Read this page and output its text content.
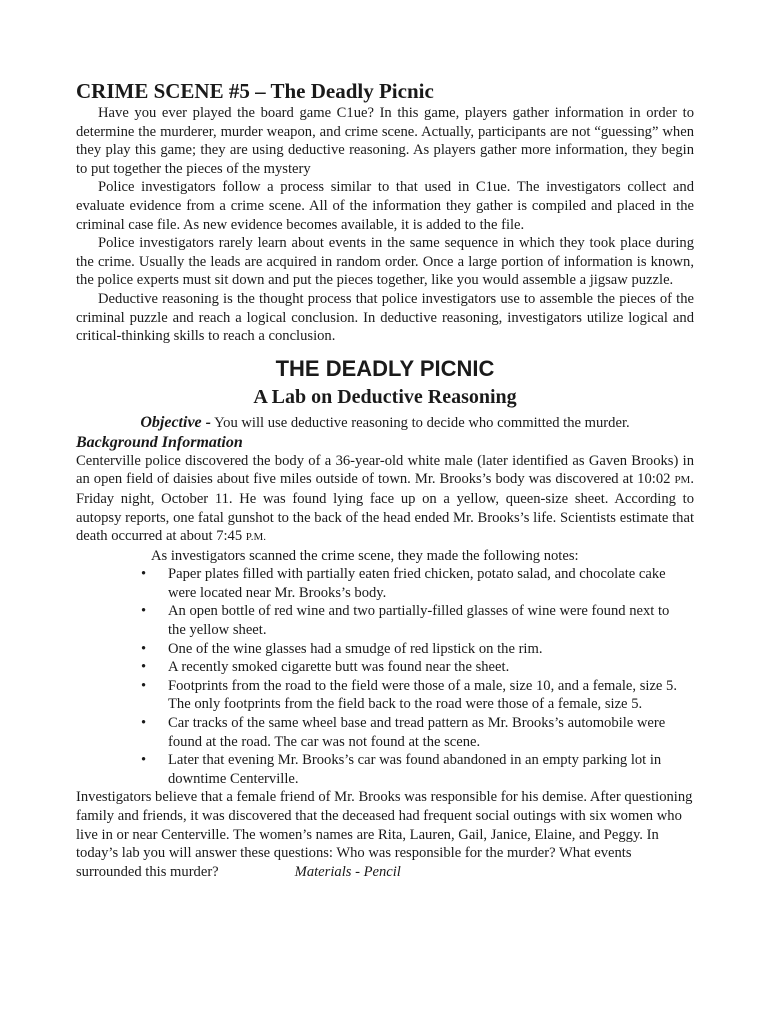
CRIME SCENE #5 – The Deadly Picnic

Have you ever played the board game C1ue? In this game, players gather information in order to determine the murderer, murder weapon, and crime scene. Actually, participants are not “guessing” when they play this game; they are using deductive reasoning. As players gather more information, they begin to put together the pieces of the mystery

Police investigators follow a process similar to that used in C1ue. The investigators collect and evaluate evidence from a crime scene. All of the information they gather is compiled and placed in the criminal case file. As new evidence becomes available, it is added to the file.

Police investigators rarely learn about events in the same sequence in which they took place during the crime. Usually the leads are acquired in random order. Once a large portion of information is known, the police experts must sit down and put the pieces together, like you would assemble a jigsaw puzzle.

Deductive reasoning is the thought process that police investigators use to assemble the pieces of the criminal puzzle and reach a logical conclusion. In deductive reasoning, investigators utilize logical and critical-thinking skills to reach a conclusion.

THE DEADLY PICNIC
A Lab on Deductive Reasoning
Objective - You will use deductive reasoning to decide who committed the murder.
Background Information

Centerville police discovered the body of a 36-year-old white male (later identified as Gaven Brooks) in an open field of daisies about five miles outside of town. Mr. Brooks’s body was discovered at 10:02 PM. Friday night, October 11. He was found lying face up on a yellow, queen-size sheet. According to autopsy reports, one fatal gunshot to the back of the head ended Mr. Brooks’s life. Scientists estimate that death occurred at about 7:45 P.M.

As investigators scanned the crime scene, they made the following notes:
• Paper plates filled with partially eaten fried chicken, potato salad, and chocolate cake were located near Mr. Brooks’s body.
• An open bottle of red wine and two partially-filled glasses of wine were found next to the yellow sheet.
• One of the wine glasses had a smudge of red lipstick on the rim.
• A recently smoked cigarette butt was found near the sheet.
• Footprints from the road to the field were those of a male, size 10, and a female, size 5. The only footprints from the field back to the road were those of a female, size 5.
• Car tracks of the same wheel base and tread pattern as Mr. Brooks’s automobile were found at the road. The car was not found at the scene.
• Later that evening Mr. Brooks’s car was found abandoned in an empty parking lot in downtime Centerville.

Investigators believe that a female friend of Mr. Brooks was responsible for his demise. After questioning family and friends, it was discovered that the deceased had frequent social outings with six women who live in or near Centerville. The women’s names are Rita, Lauren, Gail, Janice, Elaine, and Peggy. In today’s lab you will answer these questions: Who was responsible for the murder? What events surrounded this murder?	Materials - Pencil
